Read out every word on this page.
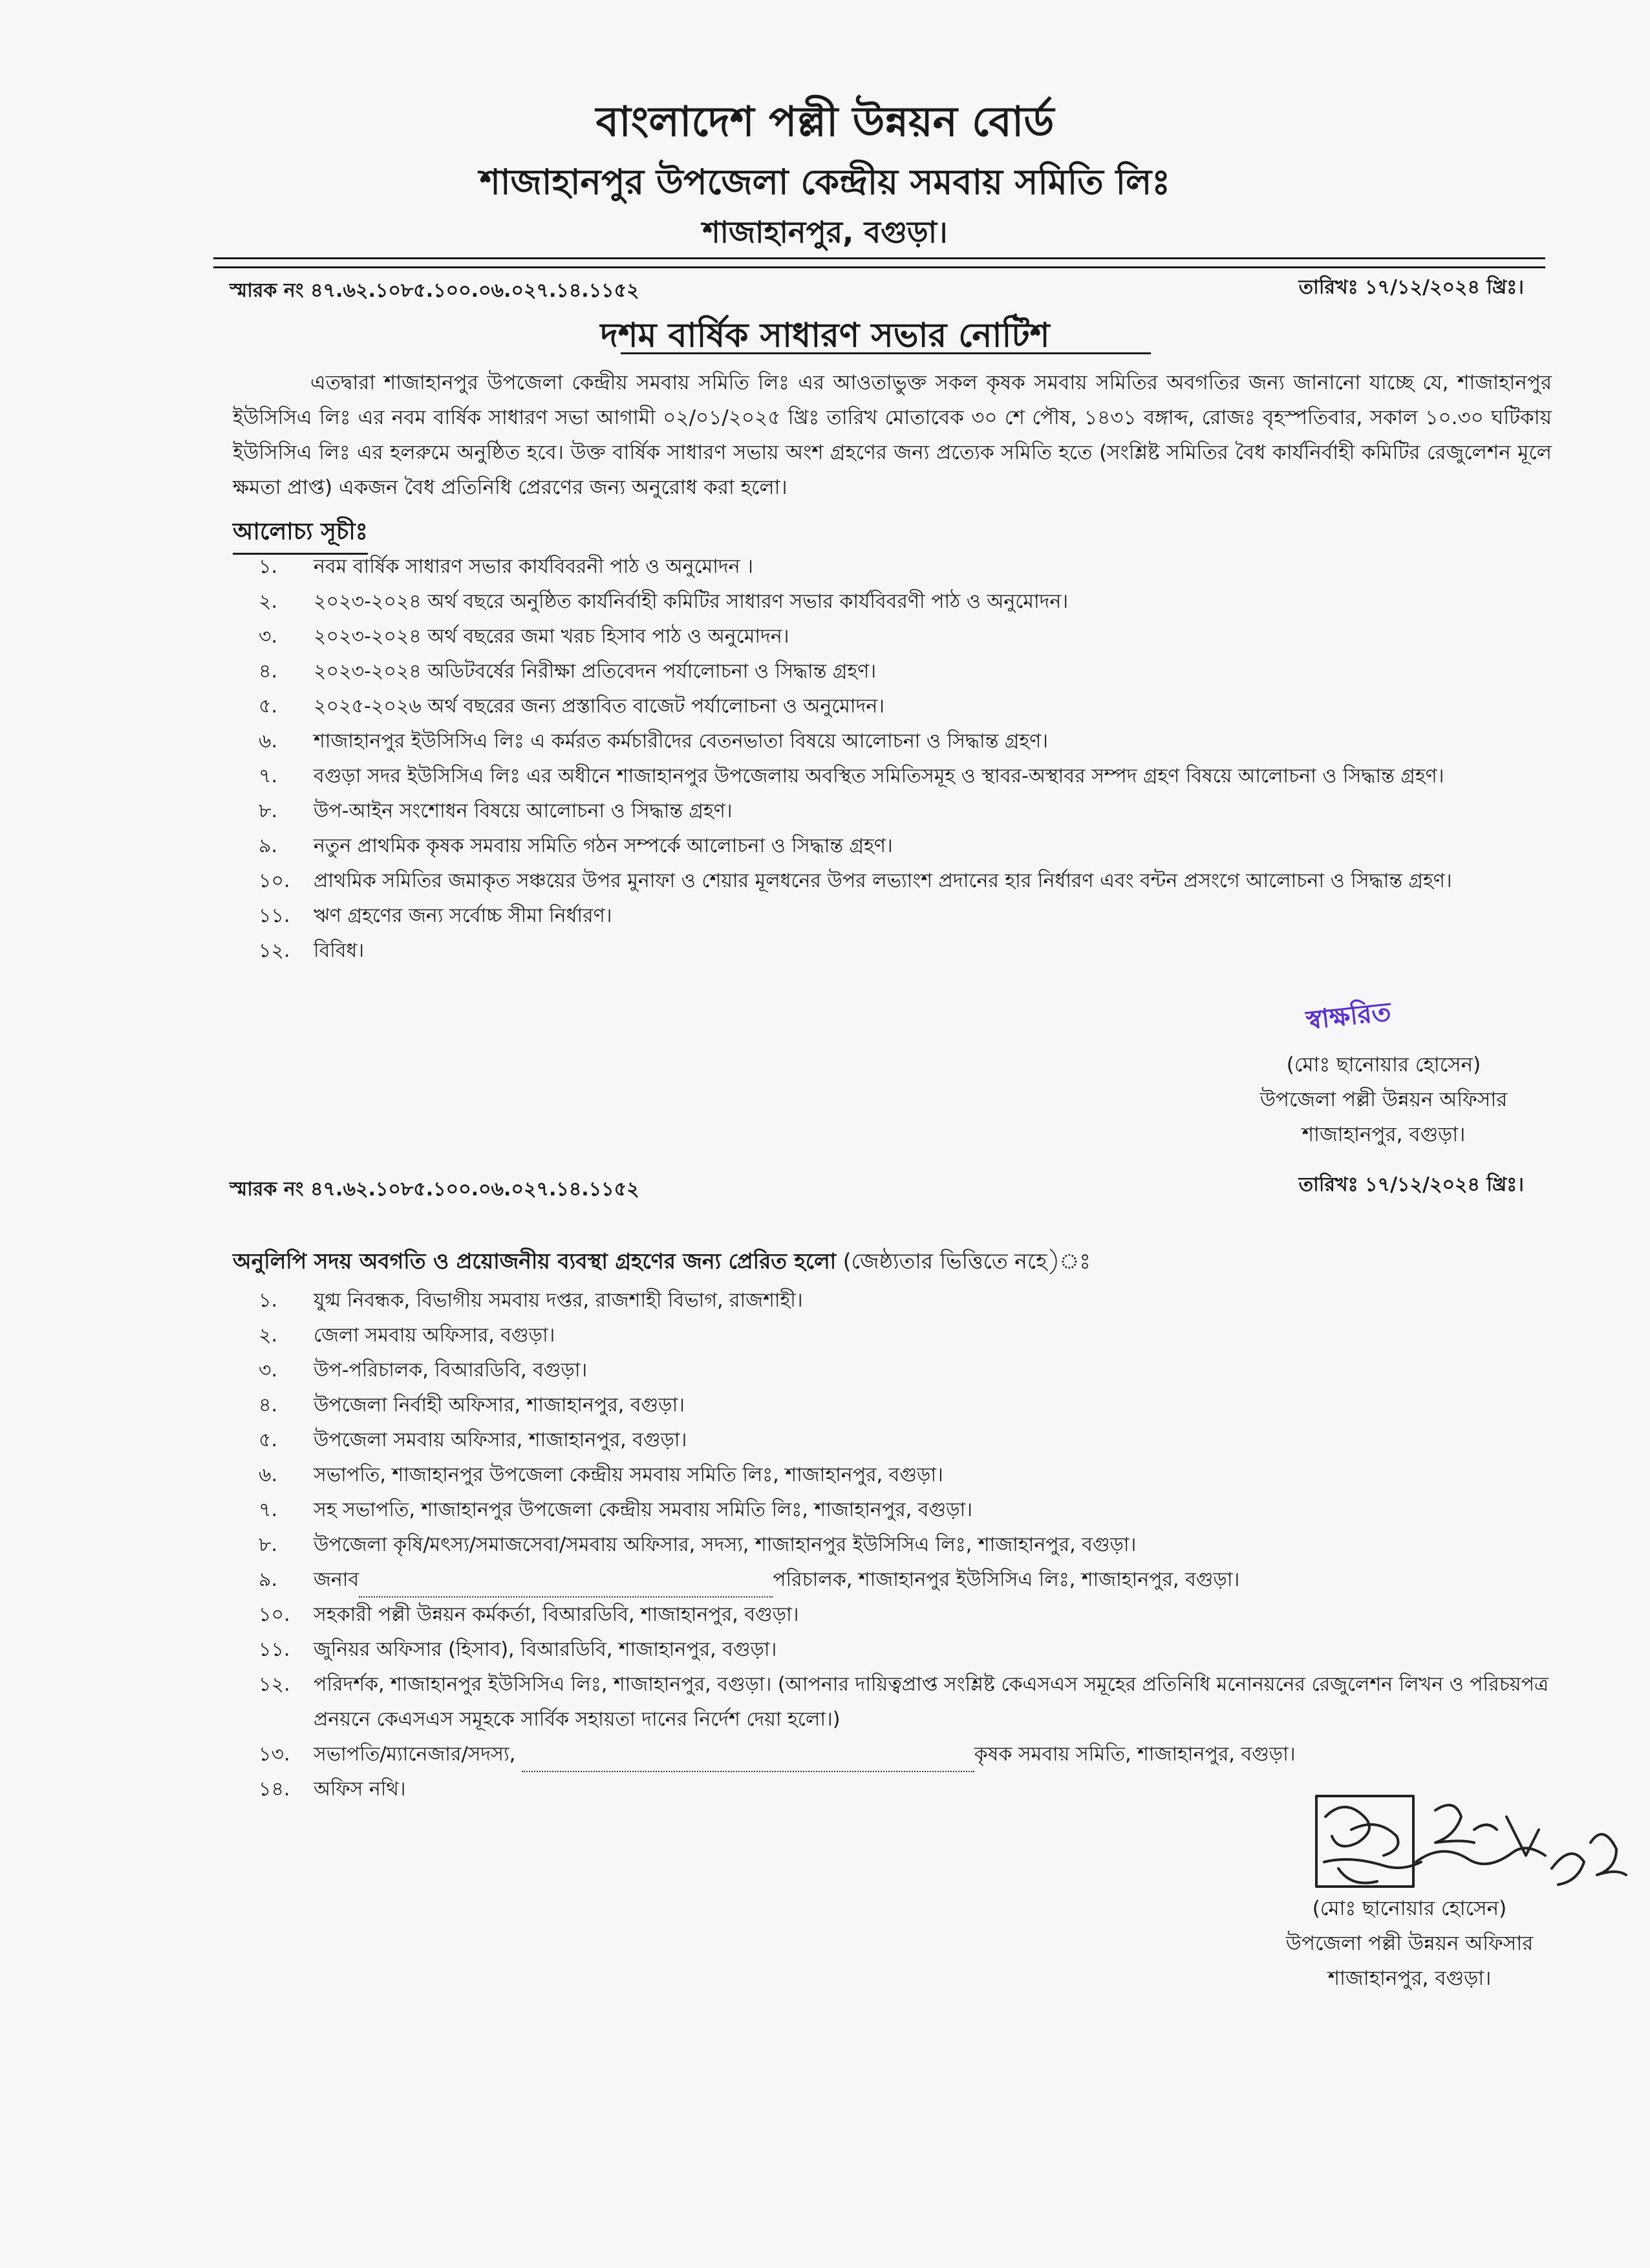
বাংলাদেশ পল্লী উন্নয়ন বোর্ড
শাজাহানপুর উপজেলা কেন্দ্রীয় সমবায় সমিতি লিঃ
শাজাহানপুর, বগুড়া।
স্মারক নং ৪৭.৬২.১০৮৫.১০০.০৬.০২৭.১৪.১১৫২	তারিখঃ ১৭/১২/২০২৪ খ্রিঃ।
দশম বার্ষিক সাধারণ সভার নোটিশ
এতদ্বারা শাজাহানপুর উপজেলা কেন্দ্রীয় সমবায় সমিতি লিঃ এর আওতাভুক্ত সকল কৃষক সমবায় সমিতির অবগতির জন্য জানানো যাচ্ছে যে, শাজাহানপুর ইউসিসিএ লিঃ এর নবম বার্ষিক সাধারণ সভা আগামী ০২/০১/২০২৫ খ্রিঃ তারিখ মোতাবেক ৩০ শে পৌষ, ১৪৩১ বঙ্গাব্দ, রোজঃ বৃহস্পতিবার, সকাল ১০.৩০ ঘটিকায় ইউসিসিএ লিঃ এর হলরুমে অনুষ্ঠিত হবে। উক্ত বার্ষিক সাধারণ সভায় অংশ গ্রহণের জন্য প্রত্যেক সমিতি হতে (সংশ্লিষ্ট সমিতির বৈধ কার্যনির্বাহী কমিটির রেজুলেশন মূলে ক্ষমতা প্রাপ্ত) একজন বৈধ প্রতিনিধি প্রেরণের জন্য অনুরোধ করা হলো।
আলোচ্য সূচীঃ
১. নবম বার্ষিক সাধারণ সভার কার্যবিবরনী পাঠ ও অনুমোদন ।
২. ২০২৩-২০২৪ অর্থ বছরে অনুষ্ঠিত কার্যনির্বাহী কমিটির সাধারণ সভার কার্যবিবরণী পাঠ ও অনুমোদন।
৩. ২০২৩-২০২৪ অর্থ বছরের জমা খরচ হিসাব পাঠ ও অনুমোদন।
৪. ২০২৩-২০২৪ অডিটবর্ষের নিরীক্ষা প্রতিবেদন পর্যালোচনা ও সিদ্ধান্ত গ্রহণ।
৫. ২০২৫-২০২৬ অর্থ বছরের জন্য প্রস্তাবিত বাজেট পর্যালোচনা ও অনুমোদন।
৬. শাজাহানপুর ইউসিসিএ লিঃ এ কর্মরত কর্মচারীদের বেতনভাতা বিষয়ে আলোচনা ও সিদ্ধান্ত গ্রহণ।
৭. বগুড়া সদর ইউসিসিএ লিঃ এর অধীনে শাজাহানপুর উপজেলায় অবস্থিত সমিতিসমূহ ও স্থাবর-অস্থাবর সম্পদ গ্রহণ বিষয়ে আলোচনা ও সিদ্ধান্ত গ্রহণ।
৮. উপ-আইন সংশোধন বিষয়ে আলোচনা ও সিদ্ধান্ত গ্রহণ।
৯. নতুন প্রাথমিক কৃষক সমবায় সমিতি গঠন সম্পর্কে আলোচনা ও সিদ্ধান্ত গ্রহণ।
১০. প্রাথমিক সমিতির জমাকৃত সঞ্চয়ের উপর মুনাফা ও শেয়ার মূলধনের উপর লভ্যাংশ প্রদানের হার নির্ধারণ এবং বন্টন প্রসংগে আলোচনা ও সিদ্ধান্ত গ্রহণ।
১১. ঋণ গ্রহণের জন্য সর্বোচ্চ সীমা নির্ধারণ।
১২. বিবিধ।
স্বাক্ষরিত
(মোঃ ছানোয়ার হোসেন)
উপজেলা পল্লী উন্নয়ন অফিসার
শাজাহানপুর, বগুড়া।
স্মারক নং ৪৭.৬২.১০৮৫.১০০.০৬.০২৭.১৪.১১৫২	তারিখঃ ১৭/১২/২০২৪ খ্রিঃ।
অনুলিপি সদয় অবগতি ও প্রয়োজনীয় ব্যবস্থা গ্রহণের জন্য প্রেরিত হলো (জেষ্ঠ্যতার ভিত্তিতে নহে)ঃ
১. যুগ্ম নিবন্ধক, বিভাগীয় সমবায় দপ্তর, রাজশাহী বিভাগ, রাজশাহী।
২. জেলা সমবায় অফিসার, বগুড়া।
৩. উপ-পরিচালক, বিআরডিবি, বগুড়া।
৪. উপজেলা নির্বাহী অফিসার, শাজাহানপুর, বগুড়া।
৫. উপজেলা সমবায় অফিসার, শাজাহানপুর, বগুড়া।
৬. সভাপতি, শাজাহানপুর উপজেলা কেন্দ্রীয় সমবায় সমিতি লিঃ, শাজাহানপুর, বগুড়া।
৭. সহ সভাপতি, শাজাহানপুর উপজেলা কেন্দ্রীয় সমবায় সমিতি লিঃ, শাজাহানপুর, বগুড়া।
৮. উপজেলা কৃষি/মৎস্য/সমাজসেবা/সমবায় অফিসার, সদস্য, শাজাহানপুর ইউসিসিএ লিঃ, শাজাহানপুর, বগুড়া।
৯. জনাব	পরিচালক, শাজাহানপুর ইউসিসিএ লিঃ, শাজাহানপুর, বগুড়া।
১০. সহকারী পল্লী উন্নয়ন কর্মকর্তা, বিআরডিবি, শাজাহানপুর, বগুড়া।
১১. জুনিয়র অফিসার (হিসাব), বিআরডিবি, শাজাহানপুর, বগুড়া।
১২. পরিদর্শক, শাজাহানপুর ইউসিসিএ লিঃ, শাজাহানপুর, বগুড়া। (আপনার দায়িত্বপ্রাপ্ত সংশ্লিষ্ট কেএসএস সমূহের প্রতিনিধি মনোনয়নের রেজুলেশন লিখন ও পরিচয়পত্র প্রনয়নে কেএসএস সমূহকে সার্বিক সহায়তা দানের নির্দেশ দেয়া হলো।)
১৩. সভাপতি/ম্যানেজার/সদস্য,	কৃষক সমবায় সমিতি, শাজাহানপুর, বগুড়া।
১৪. অফিস নথি।
(মোঃ ছানোয়ার হোসেন)
উপজেলা পল্লী উন্নয়ন অফিসার
শাজাহানপুর, বগুড়া।
